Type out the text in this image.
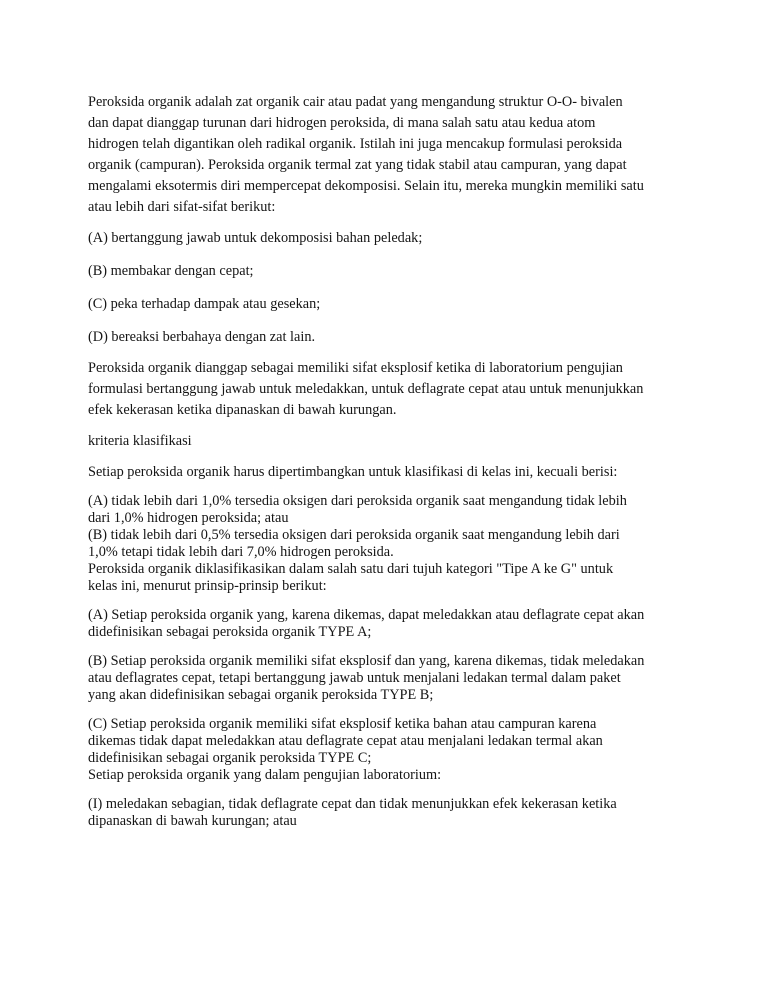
Peroksida organik adalah zat organik cair atau padat yang mengandung struktur O-O- bivalen
dan dapat dianggap turunan dari hidrogen peroksida, di mana salah satu atau kedua atom
hidrogen telah digantikan oleh radikal organik. Istilah ini juga mencakup formulasi peroksida
organik (campuran). Peroksida organik termal zat yang tidak stabil atau campuran, yang dapat
mengalami eksotermis diri mempercepat dekomposisi. Selain itu, mereka mungkin memiliki satu
atau lebih dari sifat-sifat berikut:

(A) bertanggung jawab untuk dekomposisi bahan peledak;

(B) membakar dengan cepat;

(C) peka terhadap dampak atau gesekan;

(D) bereaksi berbahaya dengan zat lain.

Peroksida organik dianggap sebagai memiliki sifat eksplosif ketika di laboratorium pengujian
formulasi bertanggung jawab untuk meledakkan, untuk deflagrate cepat atau untuk menunjukkan
efek kekerasan ketika dipanaskan di bawah kurungan.

kriteria klasifikasi

Setiap peroksida organik harus dipertimbangkan untuk klasifikasi di kelas ini, kecuali berisi:

(A) tidak lebih dari 1,0% tersedia oksigen dari peroksida organik saat mengandung tidak lebih
dari 1,0% hidrogen peroksida; atau
(B) tidak lebih dari 0,5% tersedia oksigen dari peroksida organik saat mengandung lebih dari
1,0% tetapi tidak lebih dari 7,0% hidrogen peroksida.
Peroksida organik diklasifikasikan dalam salah satu dari tujuh kategori "Tipe A ke G" untuk
kelas ini, menurut prinsip-prinsip berikut:

(A) Setiap peroksida organik yang, karena dikemas, dapat meledakkan atau deflagrate cepat akan
didefinisikan sebagai peroksida organik TYPE A;

(B) Setiap peroksida organik memiliki sifat eksplosif dan yang, karena dikemas, tidak meledakan
atau deflagrates cepat, tetapi bertanggung jawab untuk menjalani ledakan termal dalam paket
yang akan didefinisikan sebagai organik peroksida TYPE B;

(C) Setiap peroksida organik memiliki sifat eksplosif ketika bahan atau campuran karena
dikemas tidak dapat meledakkan atau deflagrate cepat atau menjalani ledakan termal akan
didefinisikan sebagai organik peroksida TYPE C;
Setiap peroksida organik yang dalam pengujian laboratorium:

(I) meledakan sebagian, tidak deflagrate cepat dan tidak menunjukkan efek kekerasan ketika
dipanaskan di bawah kurungan; atau
